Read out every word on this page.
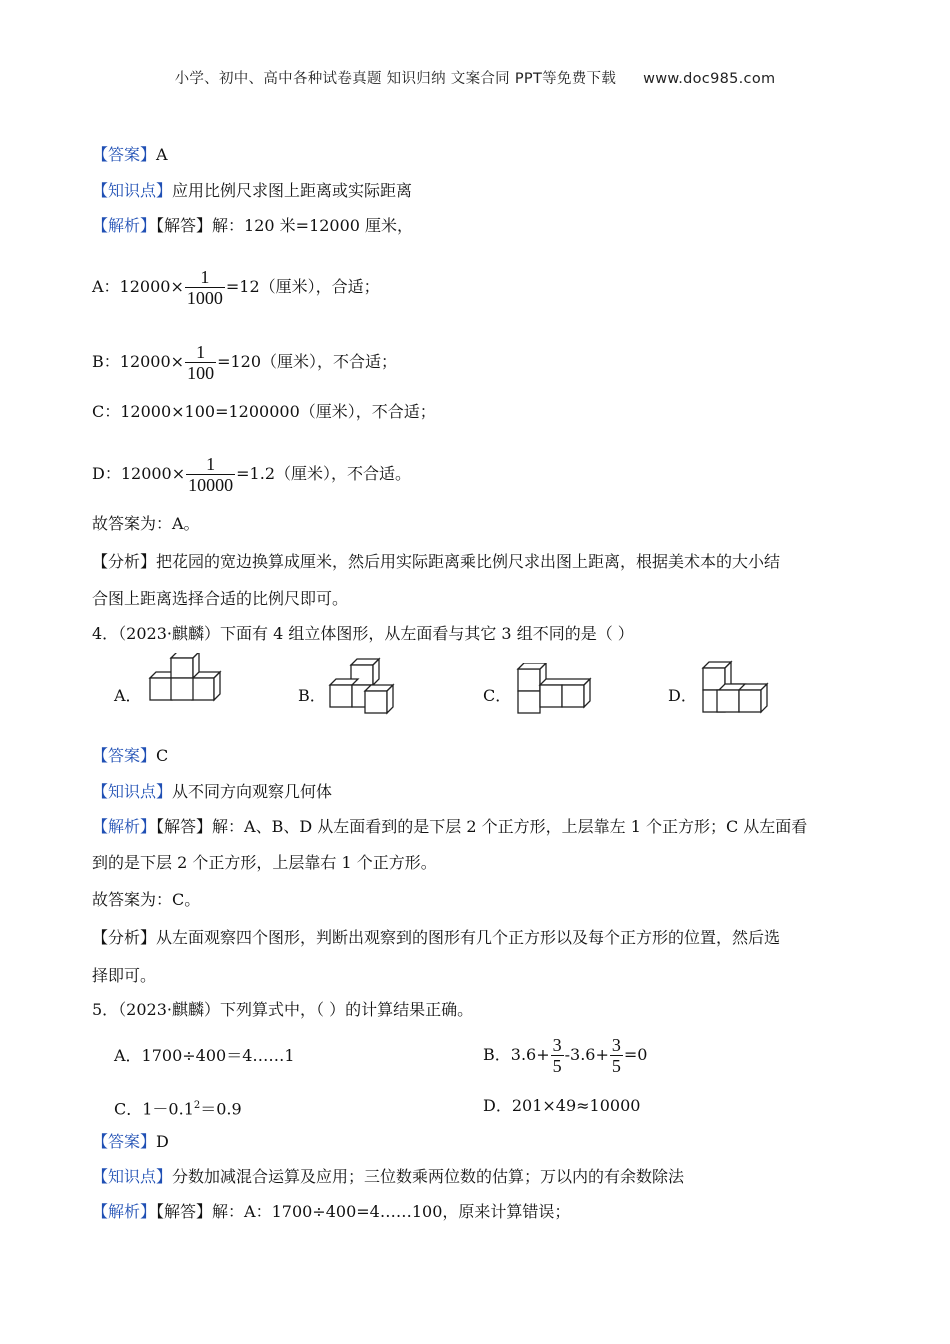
小学、初中、高中各种试卷真题 知识归纳 文案合同 PPT等免费下载 www.doc985.com
【答案】A
【知识点】应用比例尺求图上距离或实际距离
【解析】【解答】解：120 米=12000 厘米，
A：$12000\times \frac{1}{1000} =12$（厘米），合适；
B：$12000\times \frac{1}{100} =120$（厘米），不合适；
C：12000×100=1200000（厘米），不合适；
D：$12000\times \frac{1}{10000} =1.2$（厘米），不合适。
故答案为：A。
【分析】把花园的宽边换算成厘米，然后用实际距离乘比例尺求出图上距离，根据美术本的大小结
合图上距离选择合适的比例尺即可。
4．（2023·麒麟）下面有 4 组立体图形，从左面看与其它 3 组不同的是（ ）
A．	B．	C．	D．
【答案】C
【知识点】从不同方向观察几何体
【解析】【解答】解：A、B、D 从左面看到的是下层 2 个正方形，上层靠左 1 个正方形；C 从左面看
到的是下层 2 个正方形，上层靠右 1 个正方形。
故答案为：C。
【分析】从左面观察四个图形，判断出观察到的图形有几个正方形以及每个正方形的位置，然后选
择即可。
5．（2023·麒麟）下列算式中，（ ）的计算结果正确。
A．1700÷400＝4……1	B．$3.6+ \frac{3}{5} -3.6+ \frac{3}{5} =0$
C．$1-0.1^2=0.9$	D．201×49≈10000
【答案】D
【知识点】分数加减混合运算及应用；三位数乘两位数的估算；万以内的有余数除法
【解析】【解答】解：A：1700÷400=4……100，原来计算错误；
